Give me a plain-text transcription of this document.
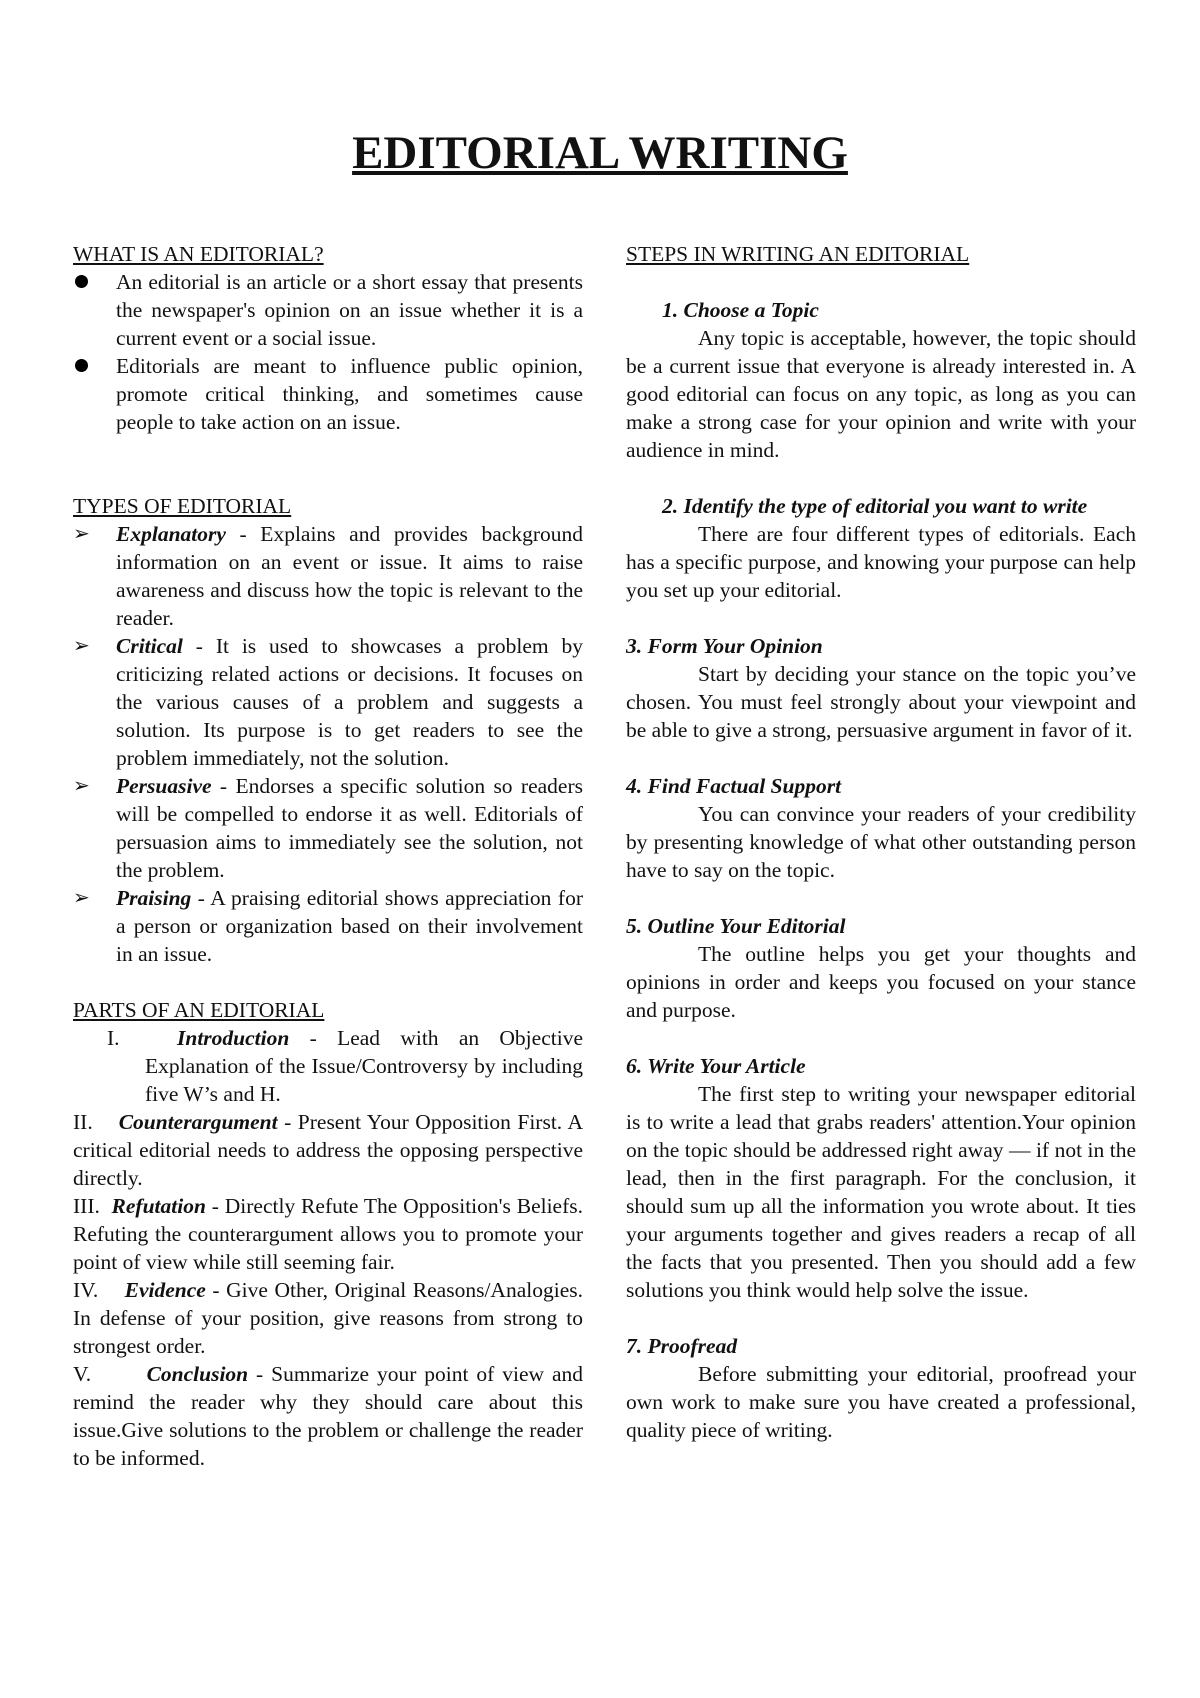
EDITORIAL WRITING

WHAT IS AN EDITORIAL?

An editorial is an article or a short essay that presents the newspaper's opinion on an issue whether it is a current event or a social issue.
Editorials are meant to influence public opinion, promote critical thinking, and sometimes cause people to take action on an issue.

TYPES OF EDITORIAL

➢ Explanatory - Explains and provides background information on an event or issue. It aims to raise awareness and discuss how the topic is relevant to the reader.
➢ Critical - It is used to showcases a problem by criticizing related actions or decisions. It focuses on the various causes of a problem and suggests a solution. Its purpose is to get readers to see the problem immediately, not the solution.
➢ Persuasive - Endorses a specific solution so readers will be compelled to endorse it as well. Editorials of persuasion aims to immediately see the solution, not the problem.
➢ Praising - A praising editorial shows appreciation for a person or organization based on their involvement in an issue.

PARTS OF AN EDITORIAL

I.	Introduction - Lead with an Objective Explanation of the Issue/Controversy by including five W’s and H.

II. Counterargument - Present Your Opposition First. A critical editorial needs to address the opposing perspective directly.

III. Refutation - Directly Refute The Opposition's Beliefs. Refuting the counterargument allows you to promote your point of view while still seeming fair.

IV. Evidence - Give Other, Original Reasons/Analogies. In defense of your position, give reasons from strong to strongest order.

V.	Conclusion - Summarize your point of view and remind the reader why they should care about this issue.Give solutions to the problem or challenge the reader to be informed.

STEPS IN WRITING AN EDITORIAL

1. Choose a Topic

Any topic is acceptable, however, the topic should be a current issue that everyone is already interested in. A good editorial can focus on any topic, as long as you can make a strong case for your opinion and write with your audience in mind.

2. Identify the type of editorial you want to write

There are four different types of editorials. Each has a specific purpose, and knowing your purpose can help you set up your editorial.

3. Form Your Opinion

Start by deciding your stance on the topic you’ve chosen. You must feel strongly about your viewpoint and be able to give a strong, persuasive argument in favor of it.

4. Find Factual Support

You can convince your readers of your credibility by presenting knowledge of what other outstanding person have to say on the topic.

5. Outline Your Editorial

The outline helps you get your thoughts and opinions in order and keeps you focused on your stance and purpose.

6. Write Your Article

The first step to writing your newspaper editorial is to write a lead that grabs readers' attention.Your opinion on the topic should be addressed right away — if not in the lead, then in the first paragraph. For the conclusion, it should sum up all the information you wrote about. It ties your arguments together and gives readers a recap of all the facts that you presented. Then you should add a few solutions you think would help solve the issue.

7. Proofread

Before submitting your editorial, proofread your own work to make sure you have created a professional, quality piece of writing.
